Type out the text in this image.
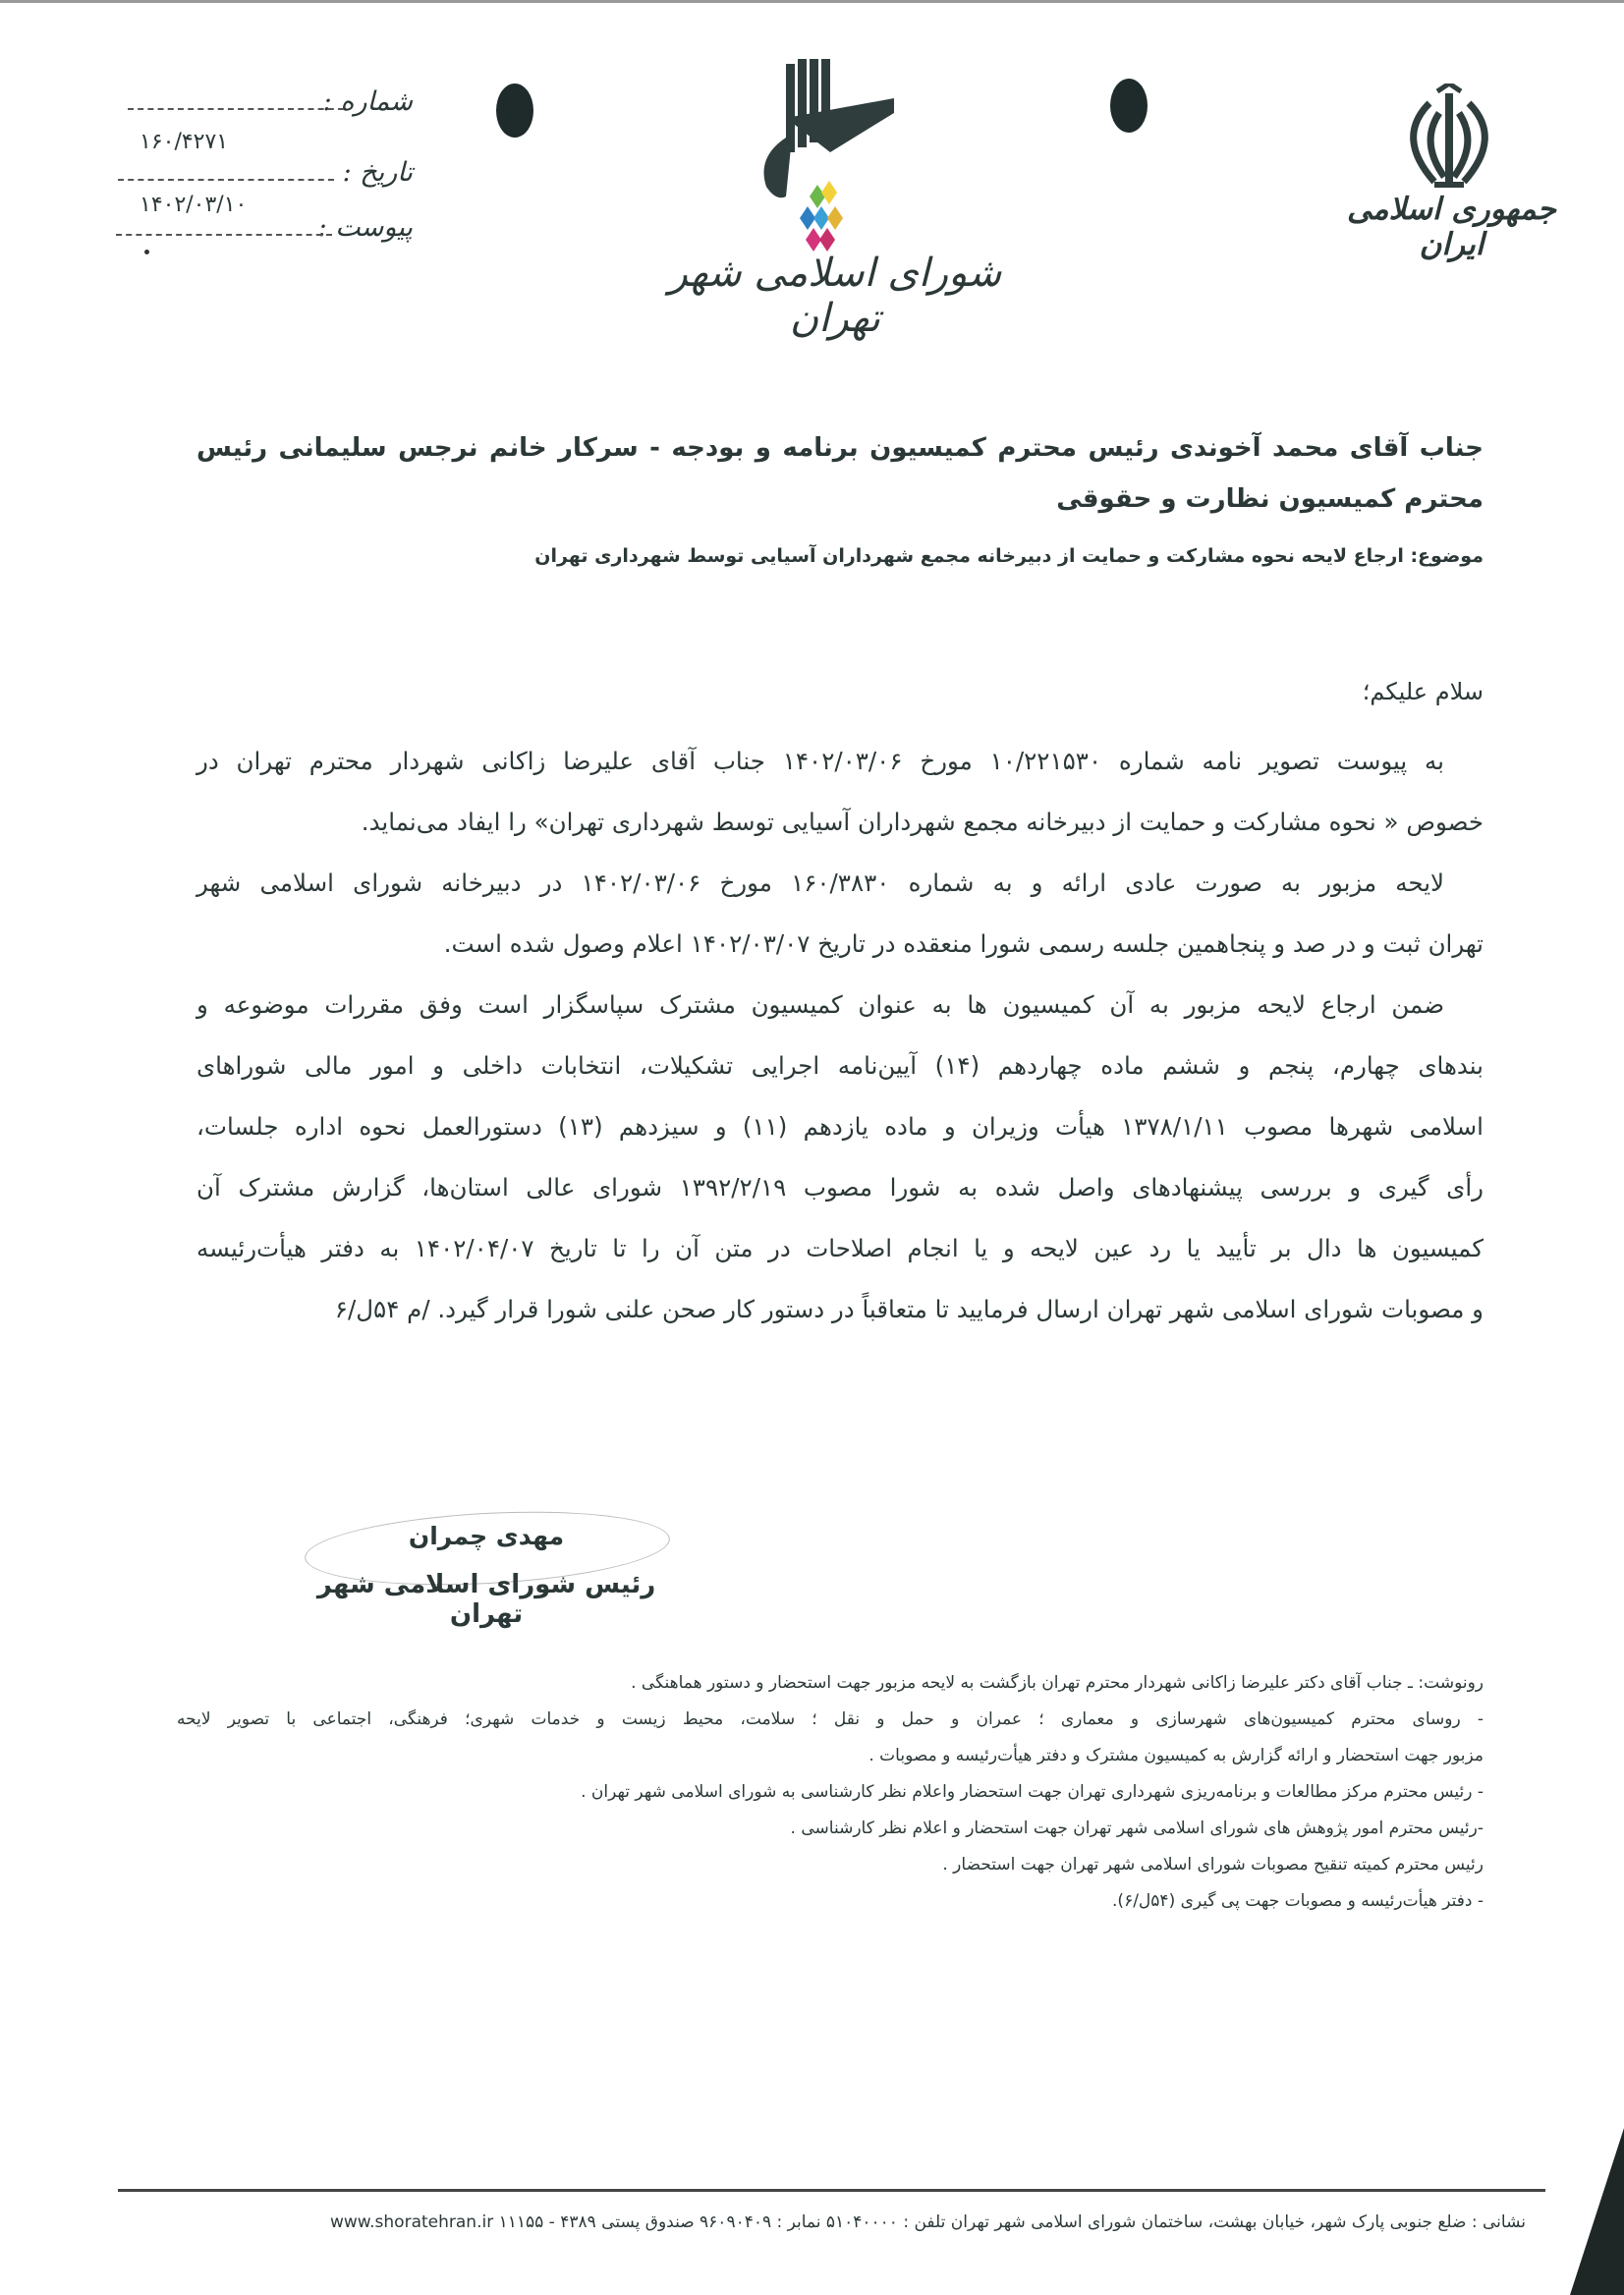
شماره :
۱۶۰/۴۲۷۱
تاریخ :
۱۴۰۲/۰۳/۱۰
پیوست :
شورای اسلامی شهر تهران
جمهوری اسلامی ایران
جناب آقای محمد آخوندی رئیس محترم کمیسیون برنامه و بودجه - سرکار خانم نرجس سلیمانی رئیس محترم کمیسیون نظارت و حقوقی
موضوع: ارجاع لایحه نحوه مشارکت و حمایت از دبیرخانه مجمع شهرداران آسیایی توسط شهرداری تهران
سلام علیکم؛
به پیوست تصویر نامه شماره ۱۰/۲۲۱۵۳۰ مورخ ۱۴۰۲/۰۳/۰۶ جناب آقای علیرضا زاکانی شهردار محترم تهران در
خصوص « نحوه مشارکت و حمایت از دبیرخانه مجمع شهرداران آسیایی توسط شهرداری تهران» را ایفاد می‌نماید.
لایحه مزبور به صورت عادی ارائه و به شماره ۱۶۰/۳۸۳۰ مورخ ۱۴۰۲/۰۳/۰۶ در دبیرخانه شورای اسلامی شهر
تهران ثبت و در صد و پنجاهمین جلسه رسمی شورا منعقده در تاریخ ۱۴۰۲/۰۳/۰۷ اعلام وصول شده است.
ضمن ارجاع لایحه مزبور به آن کمیسیون ها به عنوان کمیسیون مشترک سپاسگزار است وفق مقررات موضوعه و
بندهای چهارم، پنجم و ششم ماده چهاردهم (۱۴) آیین‌نامه اجرایی تشکیلات، انتخابات داخلی و امور مالی شوراهای
اسلامی شهرها مصوب ۱۳۷۸/۱/۱۱ هیأت وزیران و ماده یازدهم (۱۱) و سیزدهم (۱۳) دستورالعمل نحوه اداره جلسات،
رأی گیری و بررسی پیشنهادهای واصل شده به شورا مصوب ۱۳۹۲/۲/۱۹ شورای عالی استان‌ها، گزارش مشترک آن
کمیسیون ها دال بر تأیید یا رد عین لایحه و یا انجام اصلاحات در متن آن را تا تاریخ ۱۴۰۲/۰۴/۰۷ به دفتر هیأت‌رئیسه
و مصوبات شورای اسلامی شهر تهران ارسال فرمایید تا متعاقباً در دستور کار صحن علنی شورا قرار گیرد. /م ۵۴ل/۶
مهدی چمران
رئیس شورای اسلامی شهر تهران
رونوشت: ـ جناب آقای دکتر علیرضا زاکانی شهردار محترم تهران بازگشت به لایحه مزبور جهت استحضار و دستور هماهنگی .
- روسای محترم کمیسیون‌های شهرسازی و معماری ؛ عمران و حمل و نقل ؛ سلامت، محیط زیست و خدمات شهری؛ فرهنگی، اجتماعی با تصویر لایحه
مزبور جهت استحضار و ارائه گزارش به کمیسیون مشترک و دفتر هیأت‌رئیسه و مصوبات .
- رئیس محترم مرکز مطالعات و برنامه‌ریزی شهرداری تهران جهت استحضار واعلام نظر کارشناسی به شورای اسلامی شهر تهران .
-رئیس محترم امور پژوهش های شورای اسلامی شهر تهران جهت استحضار و اعلام نظر کارشناسی .
رئیس محترم کمیته تنقیح مصوبات شورای اسلامی شهر تهران جهت استحضار .
- دفتر هیأت‌رئیسه و مصوبات جهت پی گیری (۵۴ل/۶).
نشانی : ضلع جنوبی پارک شهر، خیابان بهشت، ساختمان شورای اسلامی شهر تهران تلفن : ۵۱۰۴۰۰۰۰ نمابر : ۹۶۰۹۰۴۰۹ صندوق پستی ۴۳۸۹ - ۱۱۱۵۵ www.shoratehran.ir
